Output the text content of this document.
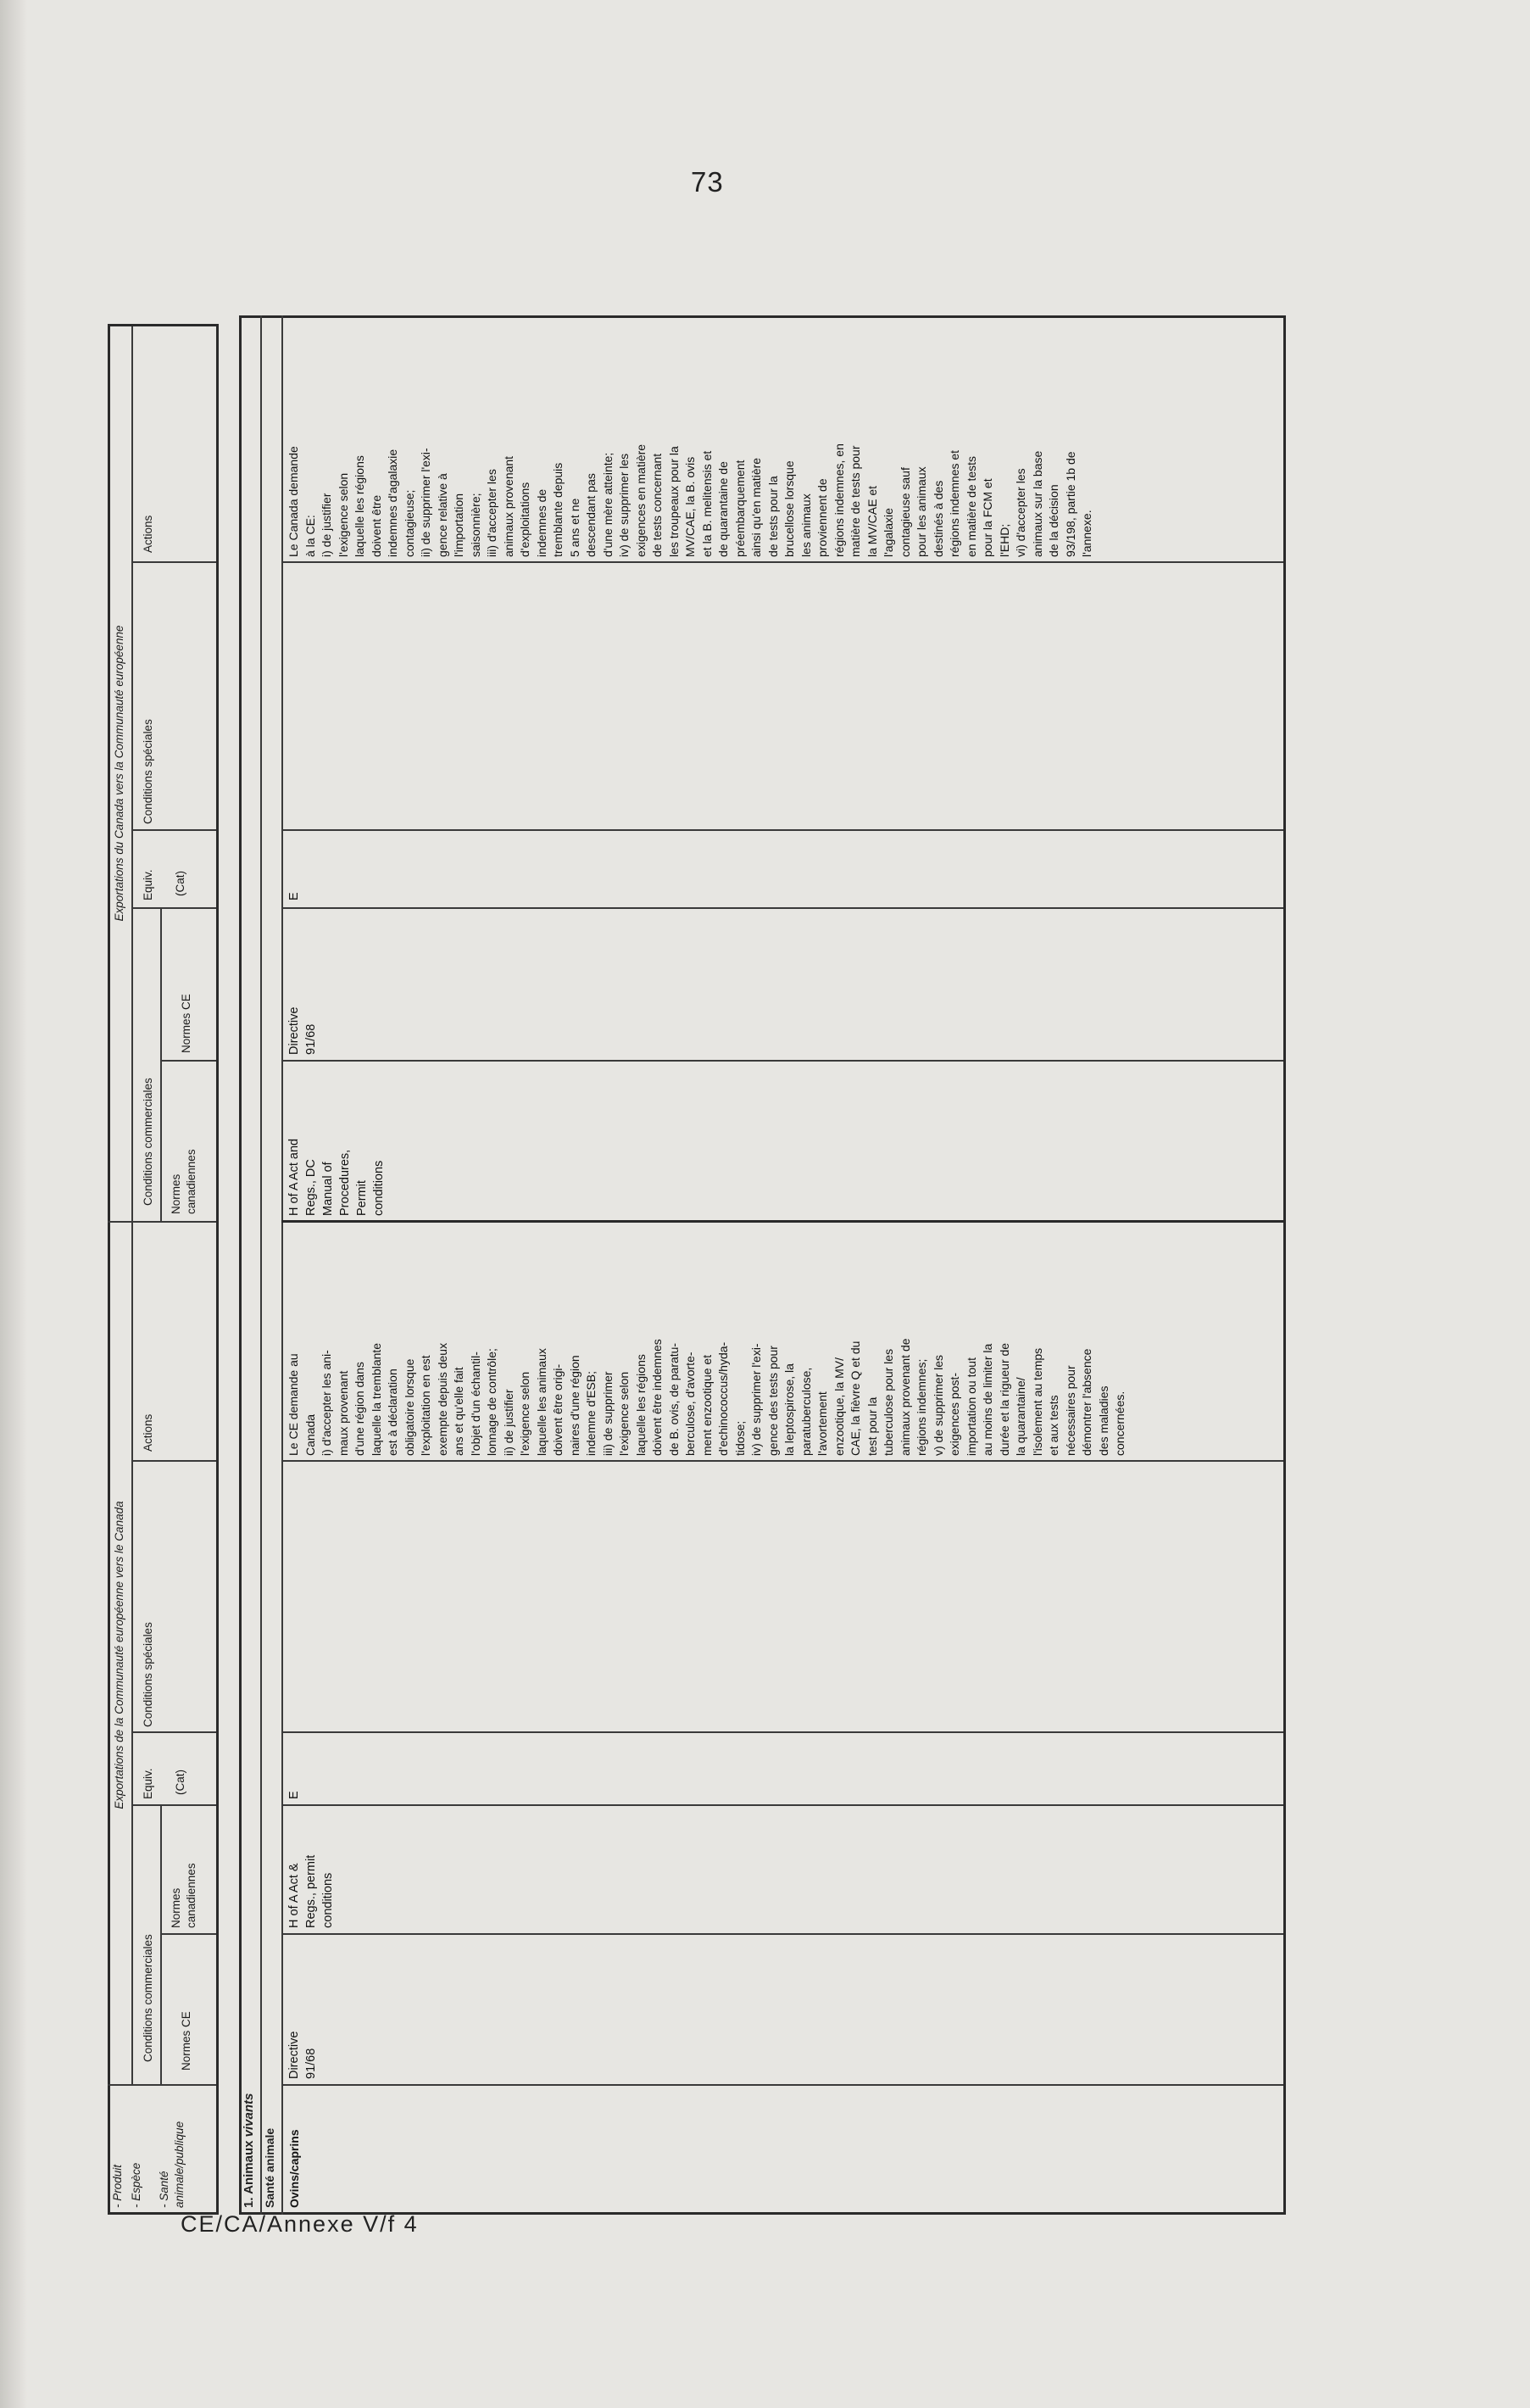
73
- Produit - Espèce - Santé
animale/publique
Exportations de la Communauté européenne vers le Canada
Exportations du Canada vers la Communauté européenne
Conditions commerciales Normes CE
Normes
canadiennes
Equiv. (Cat)
Conditions spéciales
Actions
Conditions commerciales Normes
canadiennes
Normes CE
Equiv. (Cat)
Conditions spéciales
Actions
1. Animaux vivants
Santé animale Ovins/caprins
Directive
91/68
H of A Act &
Regs., permit
conditions
E
Le CE demande au
Canada
i) d'accepter les ani-
maux provenant
d'une région dans
laquelle la tremblante
est à déclaration
obligatoire lorsque
l'exploitation en est
exempte depuis deux
ans et qu'elle fait
l'objet d'un échantil-
lonnage de contrôle;
ii) de justifier
l'exigence selon
laquelle les animaux
doivent être origi-
naires d'une région
indemne d'ESB;
iii) de supprimer
l'exigence selon
laquelle les régions
doivent être indemnes
de B. ovis, de paratu-
berculose, d'avorte-
ment enzootique et
d'echinococcus/hyda-
tidose;
iv) de supprimer l'exi-
gence des tests pour
la leptospirose, la
paratuberculose,
l'avortement
enzootique, la MV/
CAE, la fièvre Q et du
test pour la
tuberculose pour les
animaux provenant de
régions indemnes;
v) de supprimer les
exigences post-
importation ou tout
au moins de limiter la
durée et la rigueur de
la quarantaine/
l'isolement au temps
et aux tests
nécessaires pour
démontrer l'absence
des maladies
concernées.
H of A Act and
Regs., DC
Manual of
Procedures,
Permit
conditions
Directive
91/68
E
Le Canada demande
à la CE:
i) de justifier
l'exigence selon
laquelle les régions
doivent être
indemnes d'agalaxie
contagieuse;
ii) de supprimer l'exi-
gence relative à
l'importation
saisonnière;
iii) d'accepter les
animaux provenant
d'exploitations
indemnes de
tremblante depuis
5 ans et ne
descendant pas
d'une mère atteinte;
iv) de supprimer les
exigences en matière
de tests concernant
les troupeaux pour la
MV/CAE, la B. ovis
et la B. melitensis et
de quarantaine de
préembarquement
ainsi qu'en matière
de tests pour la
brucellose lorsque
les animaux
proviennent de
régions indemnes, en
matière de tests pour
la MV/CAE et
l'agalaxie
contagieuse sauf
pour les animaux
destinés à des
régions indemnes et
en matière de tests
pour la FCM et
l'EHD;
vi) d'accepter les
animaux sur la base
de la décision
93/198, partie 1b de
l'annexe.
CE/CA/Annexe V/f 4
